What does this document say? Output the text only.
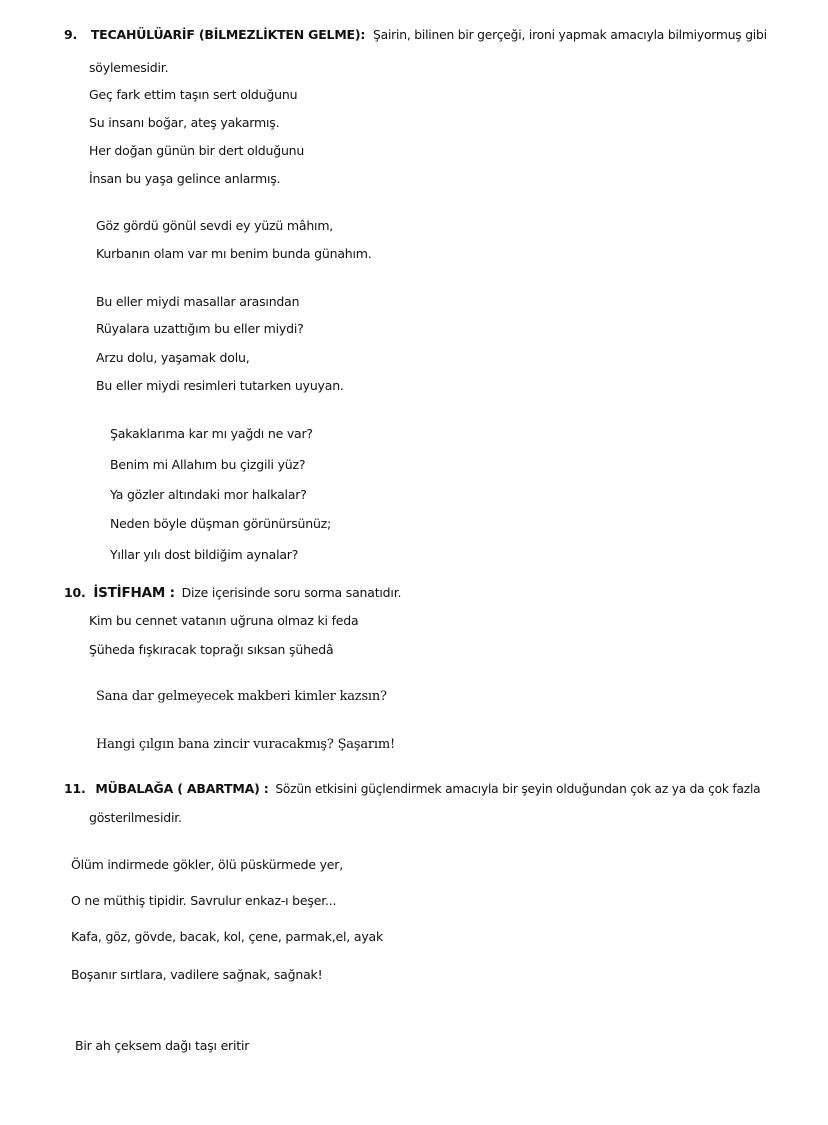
9. TECAHÜLÜARİF (BİLMEZLİKTEN GELME): Şairin, bilinen bir gerçeği, ironi yapmak amacıyla bilmiyormuş gibi
söylemesidir.
Geç fark ettim taşın sert olduğunu
Su insanı boğar, ateş yakarmış.
Her doğan günün bir dert olduğunu
İnsan bu yaşa gelince anlarmış.
Göz gördü gönül sevdi ey yüzü mâhım,
Kurbanın olam var mı benim bunda günahım.
Bu eller miydi masallar arasından
Rüyalara uzattığım bu eller miydi?
Arzu dolu, yaşamak dolu,
Bu eller miydi resimleri tutarken uyuyan.
Şakaklarıma kar mı yağdı ne var?
Benim mi Allahım bu çizgili yüz?
Ya gözler altındaki mor halkalar?
Neden böyle düşman görünürsünüz;
Yıllar yılı dost bildiğim aynalar?
10. İSTİFHAM : Dize içerisinde soru sorma sanatıdır.
Kim bu cennet vatanın uğruna olmaz ki feda
Şüheda fışkıracak toprağı sıksan şühedâ
Sana dar gelmeyecek makberi kimler kazsın?
Hangi çılgın bana zincir vuracakmış? Şaşarım!
11. MÜBALAĞA ( ABARTMA) : Sözün etkisini güçlendirmek amacıyla bir şeyin olduğundan çok az ya da çok fazla
gösterilmesidir.
Ölüm indirmede gökler, ölü püskürmede yer,
O ne müthiş tipidir. Savrulur enkaz-ı beşer...
Kafa, göz, gövde, bacak, kol, çene, parmak,el, ayak
Boşanır sırtlara, vadilere sağnak, sağnak!
Bir ah çeksem dağı taşı eritir
